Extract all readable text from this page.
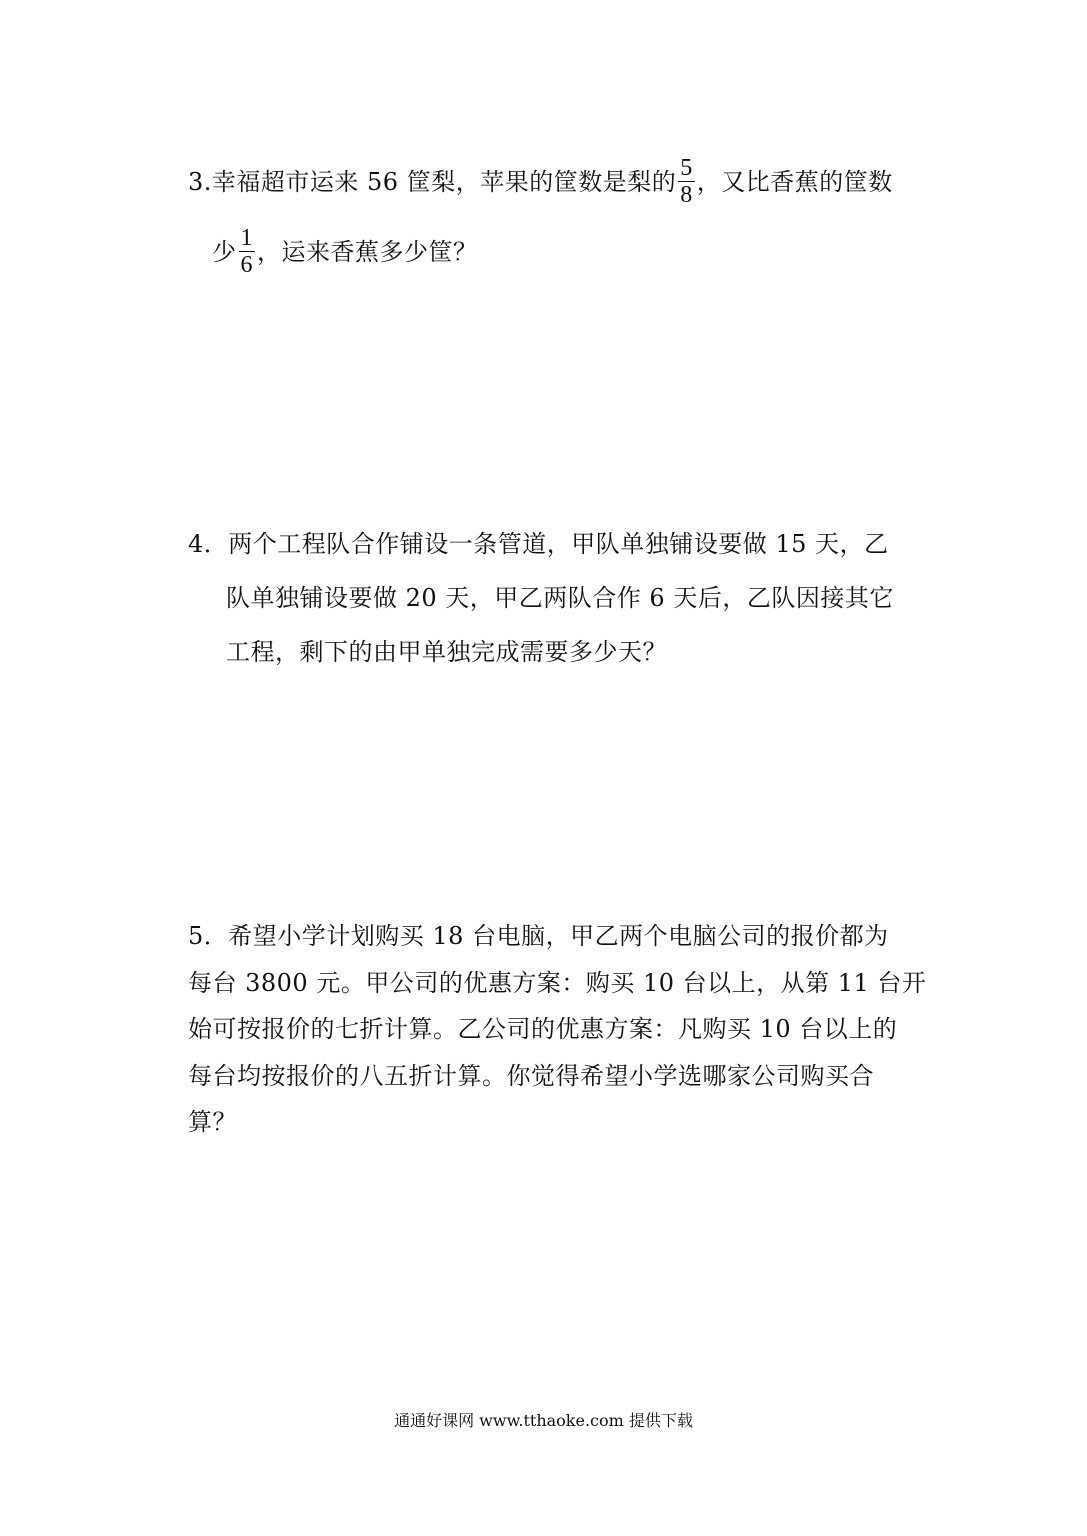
3.幸福超市运来 56 筐梨，苹果的筐数是梨的 $\frac{5}{8}$ ，又比香蕉的筐数
少 $\frac{1}{6}$ ，运来香蕉多少筐？
4．两个工程队合作铺设一条管道，甲队单独铺设要做 15 天，乙
队单独铺设要做 20 天，甲乙两队合作 6 天后，乙队因接其它
工程，剩下的由甲单独完成需要多少天？
5．希望小学计划购买 18 台电脑，甲乙两个电脑公司的报价都为
每台 3800 元。甲公司的优惠方案：购买 10 台以上，从第 11 台开
始可按报价的七折计算。乙公司的优惠方案：凡购买 10 台以上的
每台均按报价的八五折计算。你觉得希望小学选哪家公司购买合
算？
通通好课网 www.tthaoke.com 提供下载
